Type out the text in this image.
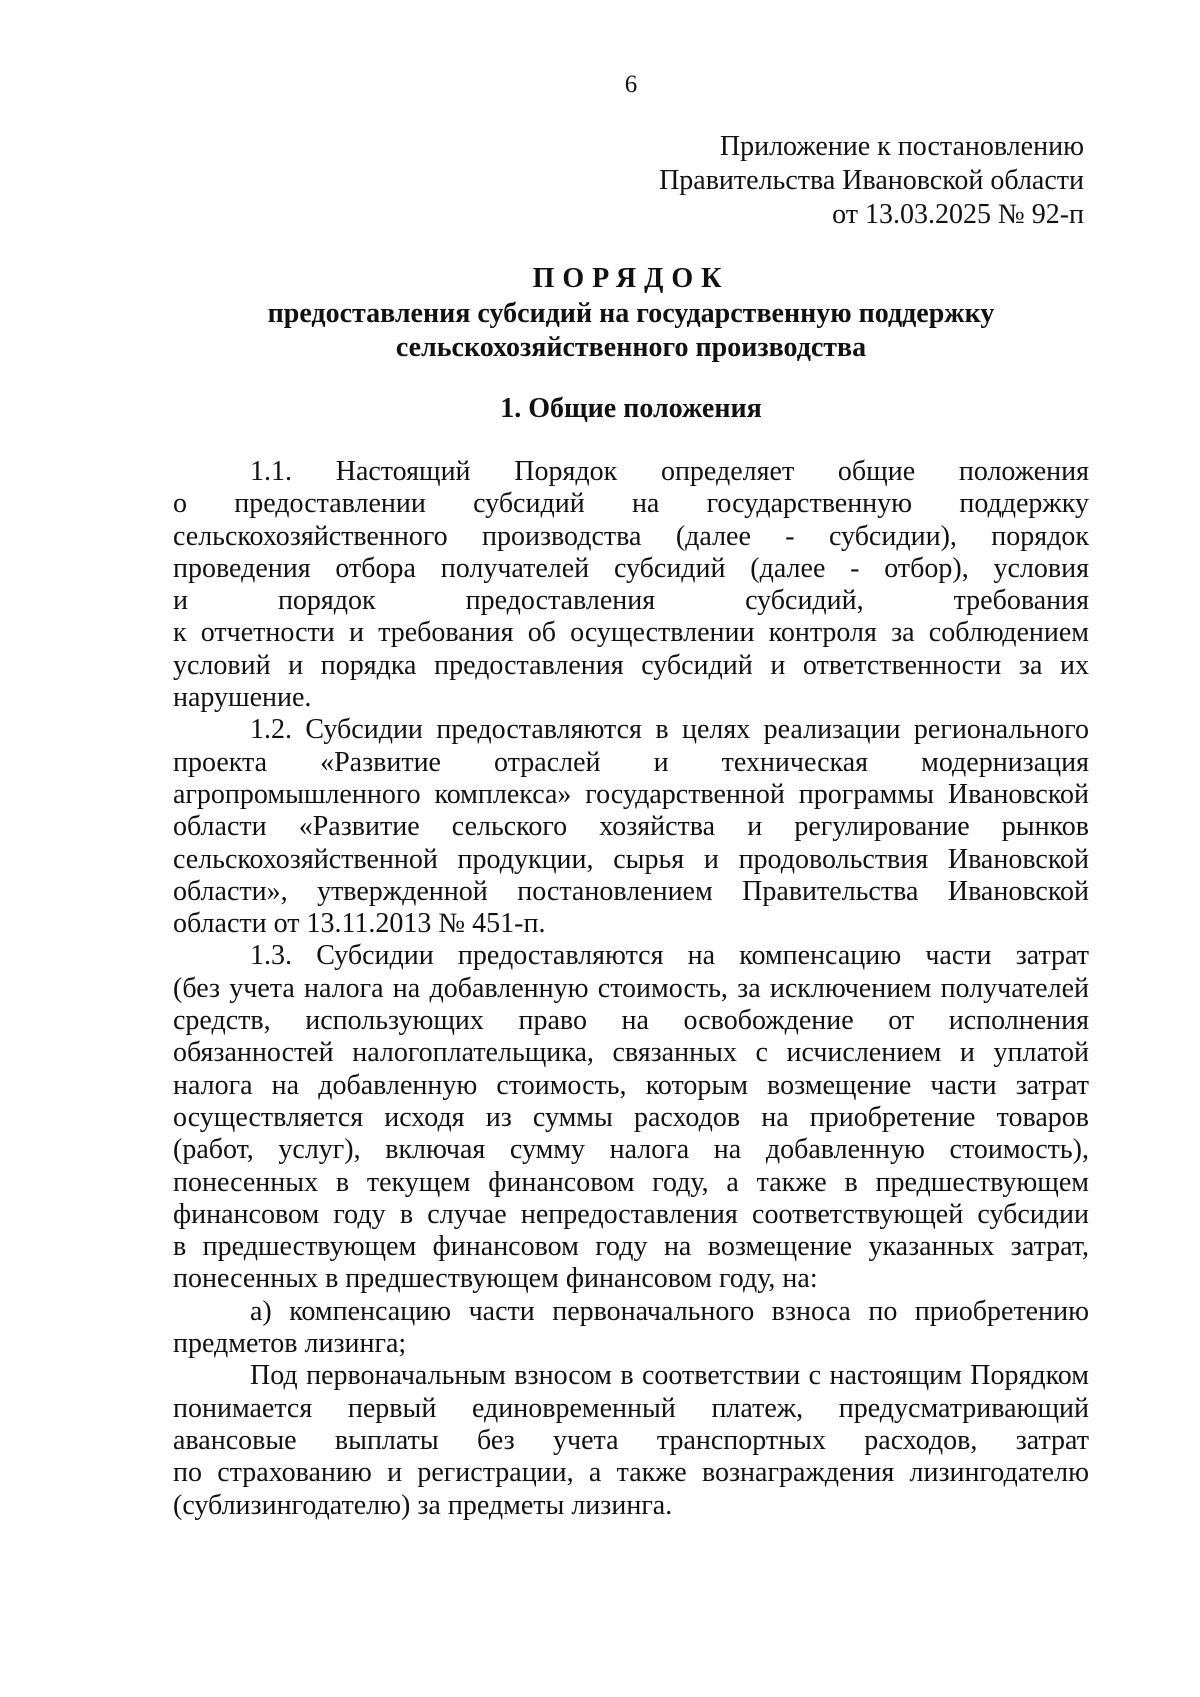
6
Приложение к постановлению
Правительства Ивановской области
от 13.03.2025 № 92-п
ПОРЯДОК
предоставления субсидий на государственную поддержку
сельскохозяйственного производства
1. Общие положения
1.1. Настоящий Порядок определяет общие положения
о предоставлении субсидий на государственную поддержку
сельскохозяйственного производства (далее - субсидии), порядок
проведения отбора получателей субсидий (далее - отбор), условия
и порядок предоставления субсидий, требования
к отчетности и требования об осуществлении контроля за соблюдением
условий и порядка предоставления субсидий и ответственности за их
нарушение.
1.2. Субсидии предоставляются в целях реализации регионального
проекта «Развитие отраслей и техническая модернизация
агропромышленного комплекса» государственной программы Ивановской
области «Развитие сельского хозяйства и регулирование рынков
сельскохозяйственной продукции, сырья и продовольствия Ивановской
области», утвержденной постановлением Правительства Ивановской
области от 13.11.2013 № 451-п.
1.3. Субсидии предоставляются на компенсацию части затрат
(без учета налога на добавленную стоимость, за исключением получателей
средств, использующих право на освобождение от исполнения
обязанностей налогоплательщика, связанных с исчислением и уплатой
налога на добавленную стоимость, которым возмещение части затрат
осуществляется исходя из суммы расходов на приобретение товаров
(работ, услуг), включая сумму налога на добавленную стоимость),
понесенных в текущем финансовом году, а также в предшествующем
финансовом году в случае непредоставления соответствующей субсидии
в предшествующем финансовом году на возмещение указанных затрат,
понесенных в предшествующем финансовом году, на:
а) компенсацию части первоначального взноса по приобретению
предметов лизинга;
Под первоначальным взносом в соответствии с настоящим Порядком
понимается первый единовременный платеж, предусматривающий
авансовые выплаты без учета транспортных расходов, затрат
по страхованию и регистрации, а также вознаграждения лизингодателю
(сублизингодателю) за предметы лизинга.
